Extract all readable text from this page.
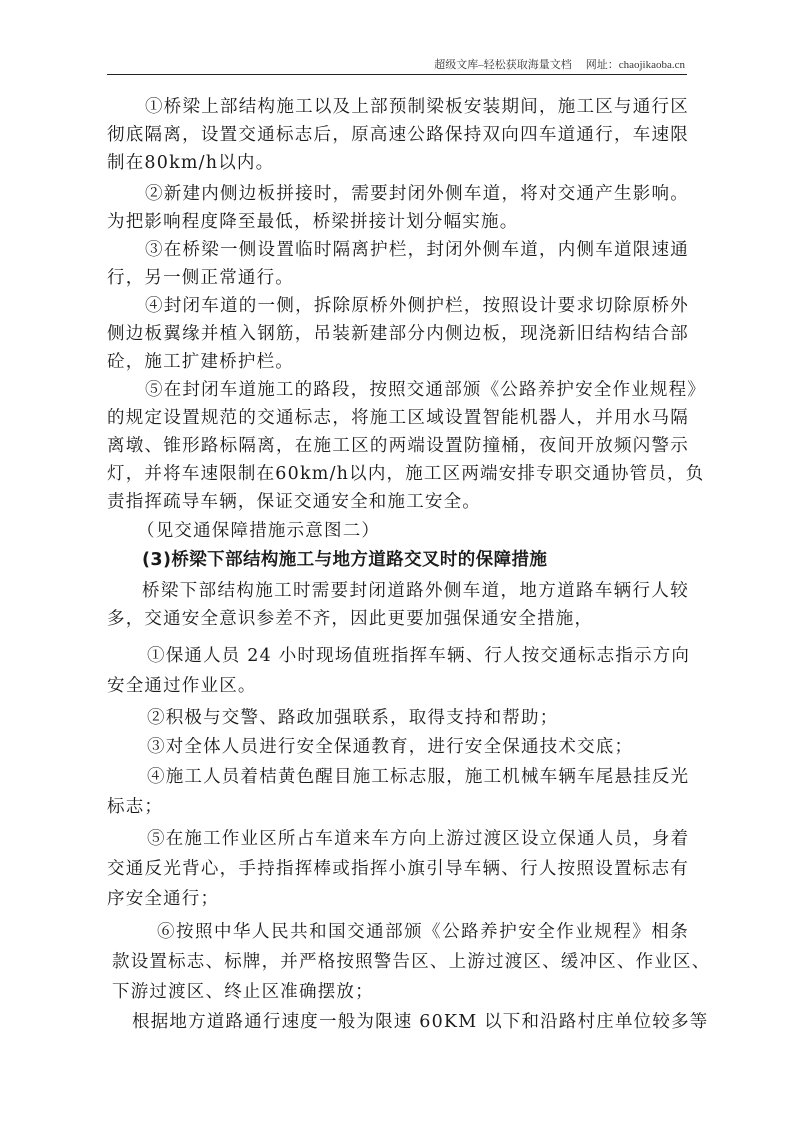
超级文库–轻松获取海量文档 网址：chaojikaoba.cn
①桥梁上部结构施工以及上部预制梁板安装期间，施工区与通行区
彻底隔离，设置交通标志后，原高速公路保持双向四车道通行，车速限
制在80km/h以内。
②新建内侧边板拼接时，需要封闭外侧车道，将对交通产生影响。
为把影响程度降至最低，桥梁拼接计划分幅实施。
③在桥梁一侧设置临时隔离护栏，封闭外侧车道，内侧车道限速通
行，另一侧正常通行。
④封闭车道的一侧，拆除原桥外侧护栏，按照设计要求切除原桥外
侧边板翼缘并植入钢筋，吊装新建部分内侧边板，现浇新旧结构结合部
砼，施工扩建桥护栏。
⑤在封闭车道施工的路段，按照交通部颁《公路养护安全作业规程》
的规定设置规范的交通标志，将施工区域设置智能机器人，并用水马隔
离墩、锥形路标隔离，在施工区的两端设置防撞桶，夜间开放频闪警示
灯，并将车速限制在60km/h以内，施工区两端安排专职交通协管员，负
责指挥疏导车辆，保证交通安全和施工安全。
（见交通保障措施示意图二）
(3)桥梁下部结构施工与地方道路交叉时的保障措施
桥梁下部结构施工时需要封闭道路外侧车道，地方道路车辆行人较
多，交通安全意识参差不齐，因此更要加强保通安全措施，
①保通人员 24 小时现场值班指挥车辆、行人按交通标志指示方向
安全通过作业区。
②积极与交警、路政加强联系，取得支持和帮助；
③对全体人员进行安全保通教育，进行安全保通技术交底；
④施工人员着桔黄色醒目施工标志服，施工机械车辆车尾悬挂反光
标志；
⑤在施工作业区所占车道来车方向上游过渡区设立保通人员，身着
交通反光背心，手持指挥棒或指挥小旗引导车辆、行人按照设置标志有
序安全通行；
⑥按照中华人民共和国交通部颁《公路养护安全作业规程》相条
款设置标志、标牌，并严格按照警告区、上游过渡区、缓冲区、作业区、
下游过渡区、终止区准确摆放；
根据地方道路通行速度一般为限速 60KM 以下和沿路村庄单位较多等
